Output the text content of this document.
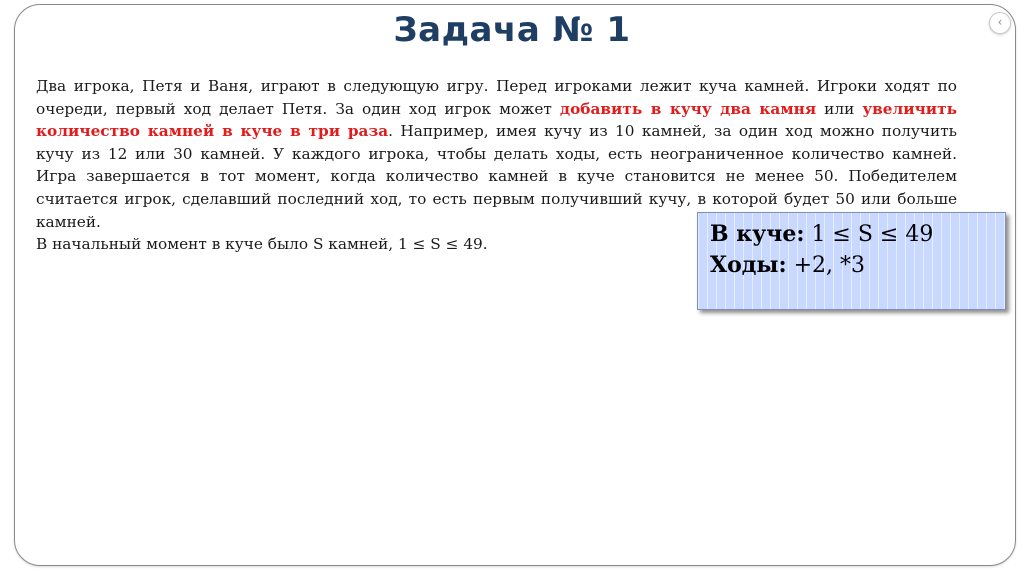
‹
Задача № 1

Два игрока, Петя и Ваня, играют в следующую игру. Перед игроками лежит куча камней. Игроки ходят по очереди, первый ход делает Петя. За один ход игрок может добавить в кучу два камня или увеличить количество камней в куче в три раза. Например, имея кучу из 10 камней, за один ход можно получить кучу из 12 или 30 камней. У каждого игрока, чтобы делать ходы, есть неограниченное количество камней. Игра завершается в тот момент, когда количество камней в куче становится не менее 50. Победителем считается игрок, сделавший последний ход, то есть первым получивший кучу, в которой будет 50 или больше камней.

В начальный момент в куче было S камней, 1 ≤ S ≤ 49.	В куче: 1 ≤ S ≤ 49
Ходы: +2, *3
